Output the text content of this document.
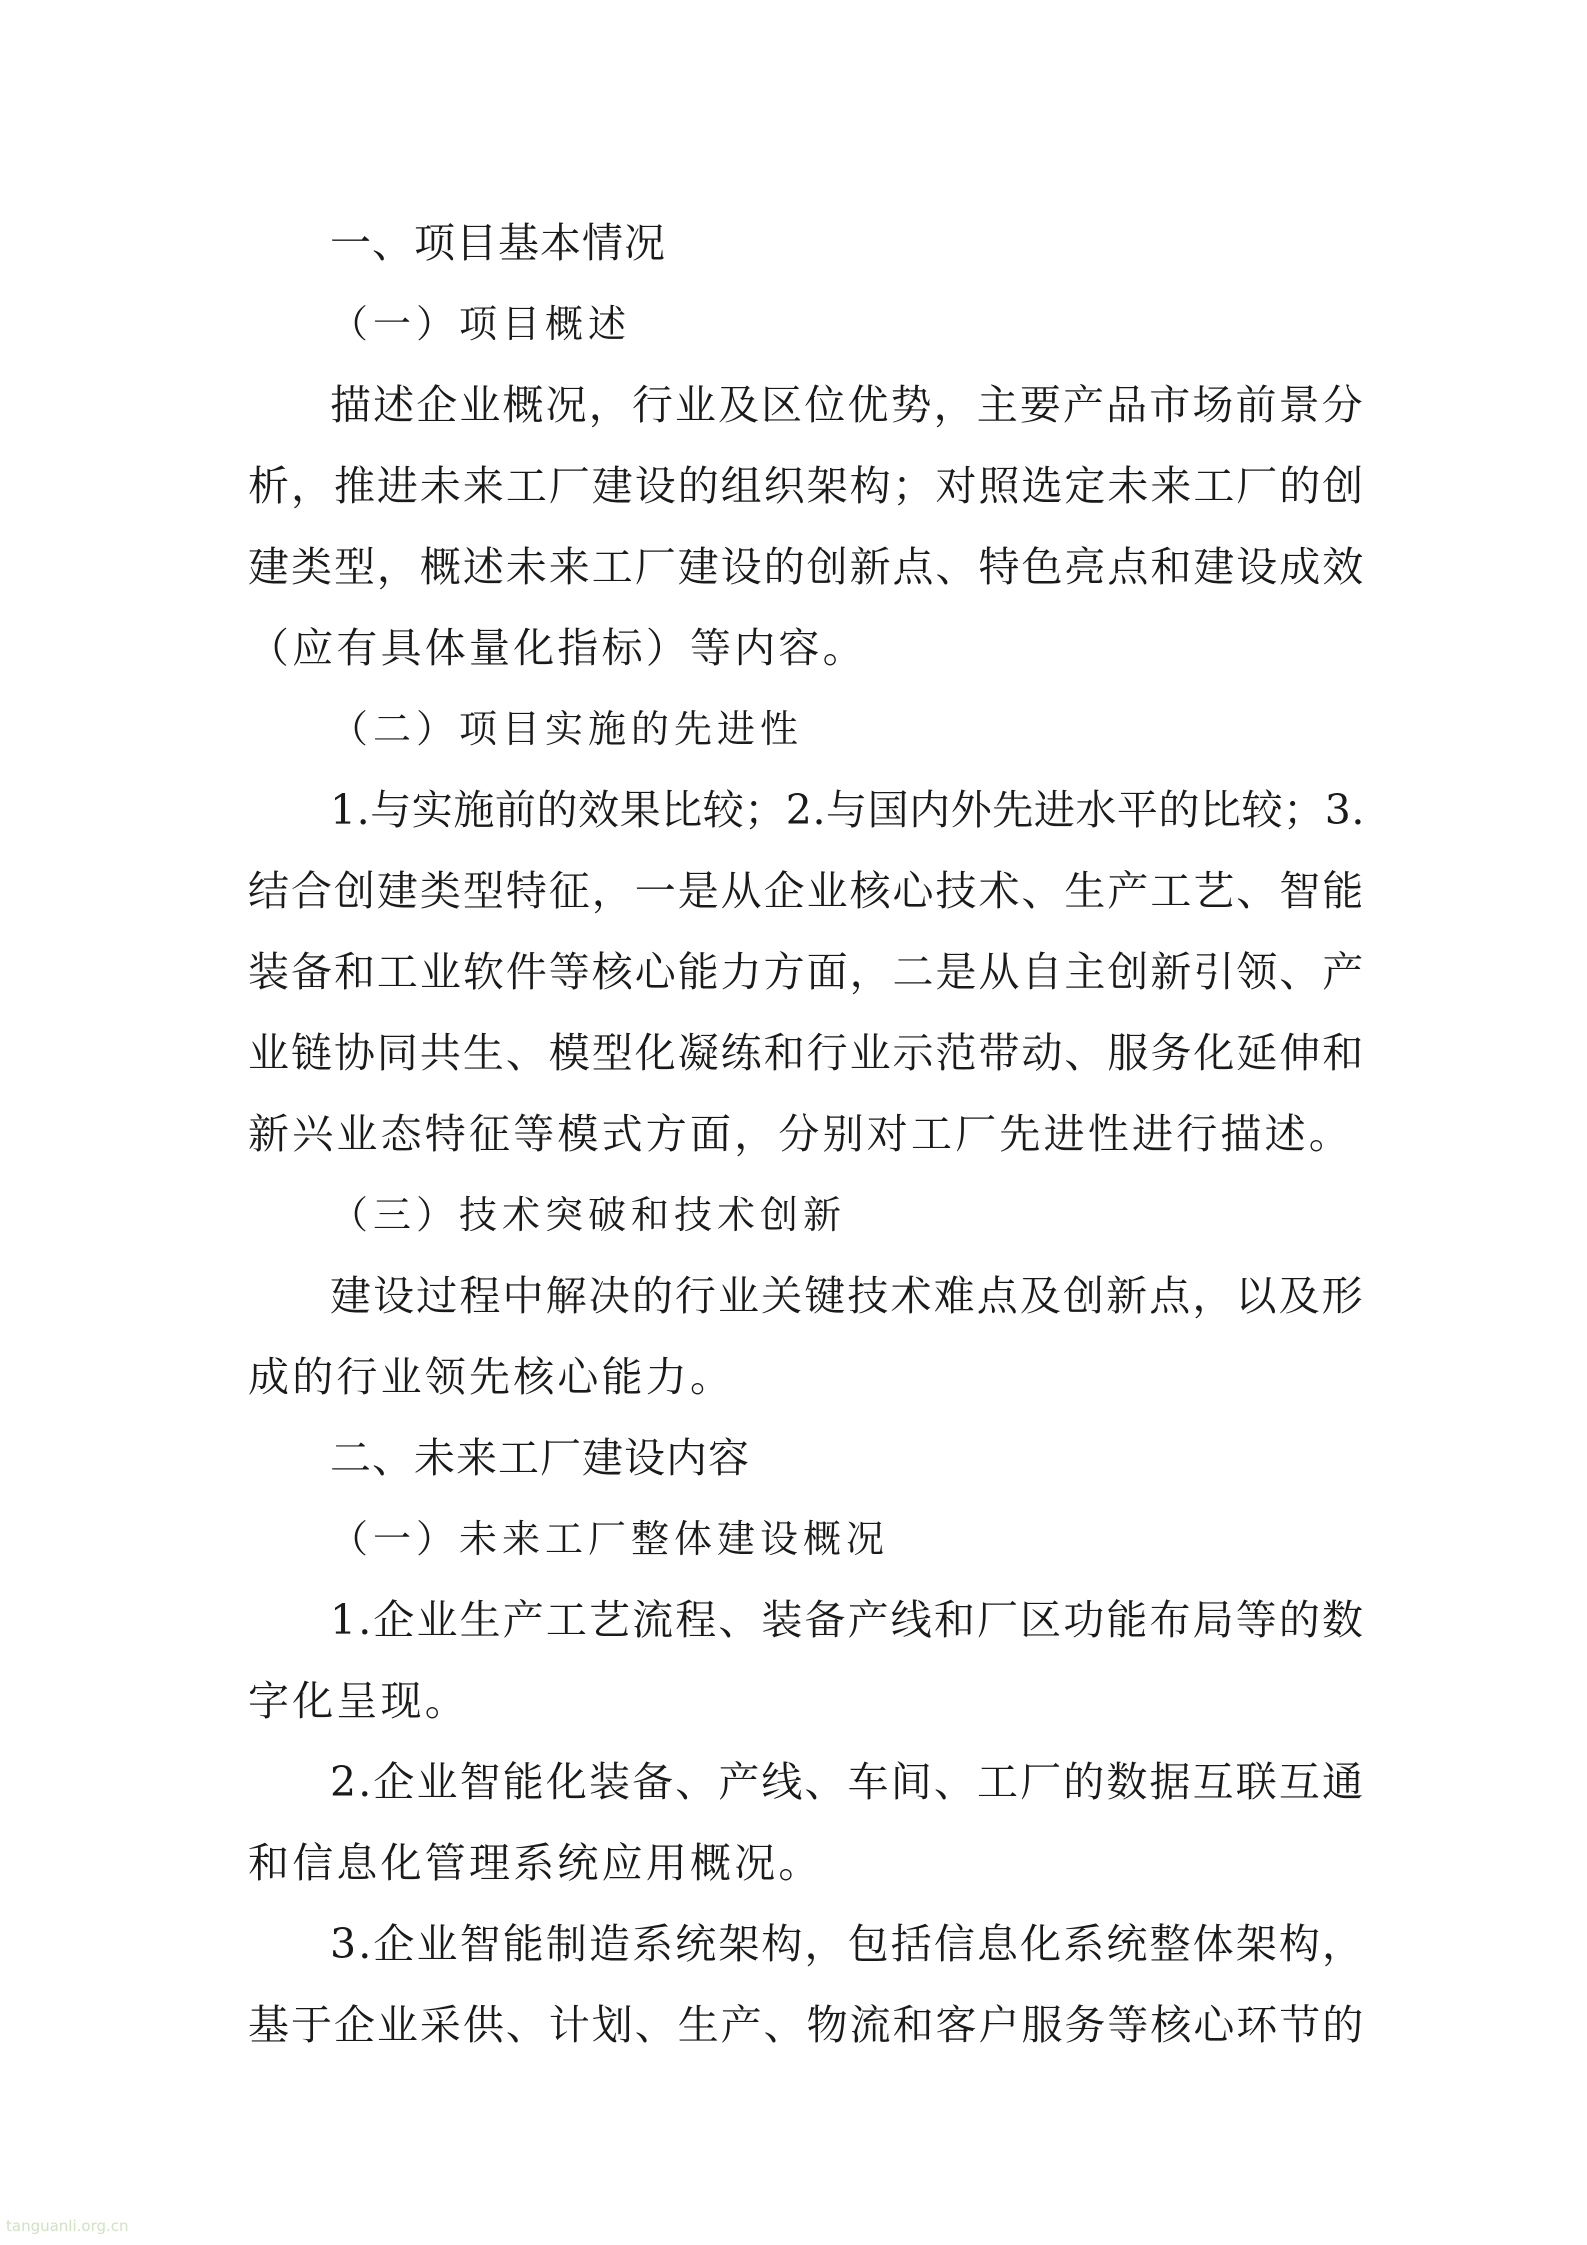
一、项目基本情况
（一）项目概述
描述企业概况，行业及区位优势，主要产品市场前景分
析，推进未来工厂建设的组织架构；对照选定未来工厂的创
建类型，概述未来工厂建设的创新点、特色亮点和建设成效
（应有具体量化指标）等内容。
（二）项目实施的先进性
1.与实施前的效果比较；2.与国内外先进水平的比较；3.
结合创建类型特征，一是从企业核心技术、生产工艺、智能
装备和工业软件等核心能力方面，二是从自主创新引领、产
业链协同共生、模型化凝练和行业示范带动、服务化延伸和
新兴业态特征等模式方面，分别对工厂先进性进行描述。
（三）技术突破和技术创新
建设过程中解决的行业关键技术难点及创新点，以及形
成的行业领先核心能力。
二、未来工厂建设内容
（一）未来工厂整体建设概况
1.企业生产工艺流程、装备产线和厂区功能布局等的数
字化呈现。
2.企业智能化装备、产线、车间、工厂的数据互联互通
和信息化管理系统应用概况。
3.企业智能制造系统架构，包括信息化系统整体架构，
基于企业采供、计划、生产、物流和客户服务等核心环节的
tanguanli.org.cn
